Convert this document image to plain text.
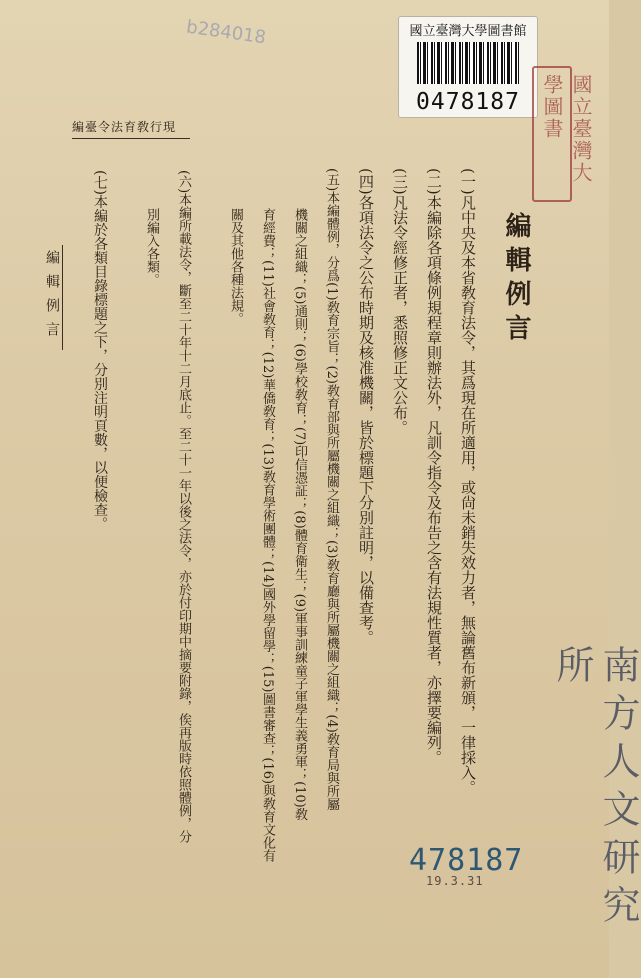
b284018	國立臺灣大學圖書館
0478187	國立臺灣大學圖書
編臺令法育敎行現
編輯例言	編輯例言
(一)凡中央及本省敎育法令，其爲現在所適用，或尙未銷失效力者，無論舊布新頒，一律採入。
(二)本編除各項條例規程章則辦法外，凡訓令指令及布告之含有法規性質者，亦擇要編列。
(三)凡法令經修正者，悉照修正文公布。
(四)各項法令之公布時期及核准機關，皆於標題下分別註明，以備查考。
(五)本編體例，分爲(1)敎育宗旨；(2)敎育部與所屬機關之組織；(3)敎育廳與所屬機關之組織；(4)敎育局與所屬
機關之組織；(5)通則；(6)學校敎育；(7)印信憑証；(8)體育衛生；(9)軍事訓練童子軍學生義勇軍；(10)敎
育經費；(11)社會敎育；(12)華僑敎育；(13)敎育學術團體；(14)國外學留學；(15)圖書審查；(16)與敎育文化有
關及其他各種法規。
(六)本編所載法令，斷至二十年十二月底止。至二十一年以後之法令，亦於付印期中摘要附錄，俟再版時依照體例，分
別編入各類。
(七)本編於各類目錄標題之下，分別注明頁數，以便檢查。
南方人文研究所
478187
19.3.31
